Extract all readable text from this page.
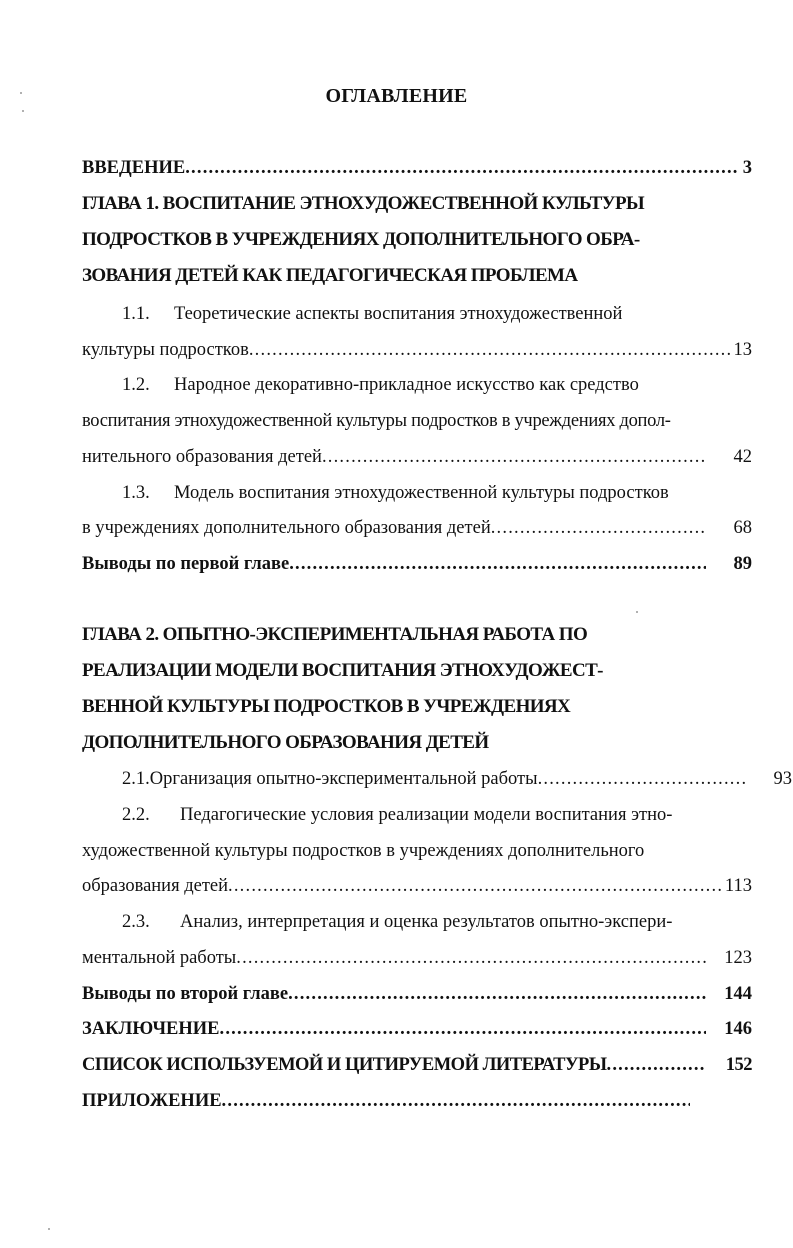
ОГЛАВЛЕНИЕ
ВВЕДЕНИЕ .....	3
ГЛАВА 1. ВОСПИТАНИЕ ЭТНОХУДОЖЕСТВЕННОЙ КУЛЬТУРЫ
ПОДРОСТКОВ В УЧРЕЖДЕНИЯХ ДОПОЛНИТЕЛЬНОГО ОБРА-
ЗОВАНИЯ ДЕТЕЙ КАК ПЕДАГОГИЧЕСКАЯ ПРОБЛЕМА
1.1. Теоретические аспекты воспитания этнохудожественной
культуры подростков .....	13
1.2. Народное декоративно-прикладное искусство как средство
воспитания этнохудожественной культуры подростков в учреждениях допол-
нительного образования детей .....	42
1.3. Модель воспитания этнохудожественной культуры подростков
в учреждениях дополнительного образования детей .....	68
Выводы по первой главе .....	89
ГЛАВА 2. ОПЫТНО-ЭКСПЕРИМЕНТАЛЬНАЯ РАБОТА ПО
РЕАЛИЗАЦИИ МОДЕЛИ ВОСПИТАНИЯ ЭТНОХУДОЖЕСТ-
ВЕННОЙ КУЛЬТУРЫ ПОДРОСТКОВ В УЧРЕЖДЕНИЯХ
ДОПОЛНИТЕЛЬНОГО ОБРАЗОВАНИЯ ДЕТЕЙ
2.1. Организация опытно-экспериментальной работы .....	93
2.2. Педагогические условия реализации модели воспитания этно-
художественной культуры подростков в учреждениях дополнительного
образования детей .....	113
2.3. Анализ, интерпретация и оценка результатов опытно-экспери-
ментальной работы .....	123
Выводы по второй главе .....	144
ЗАКЛЮЧЕНИЕ .....	146
СПИСОК ИСПОЛЬЗУЕМОЙ И ЦИТИРУЕМОЙ ЛИТЕРАТУРЫ .....	152
ПРИЛОЖЕНИЕ
.....
